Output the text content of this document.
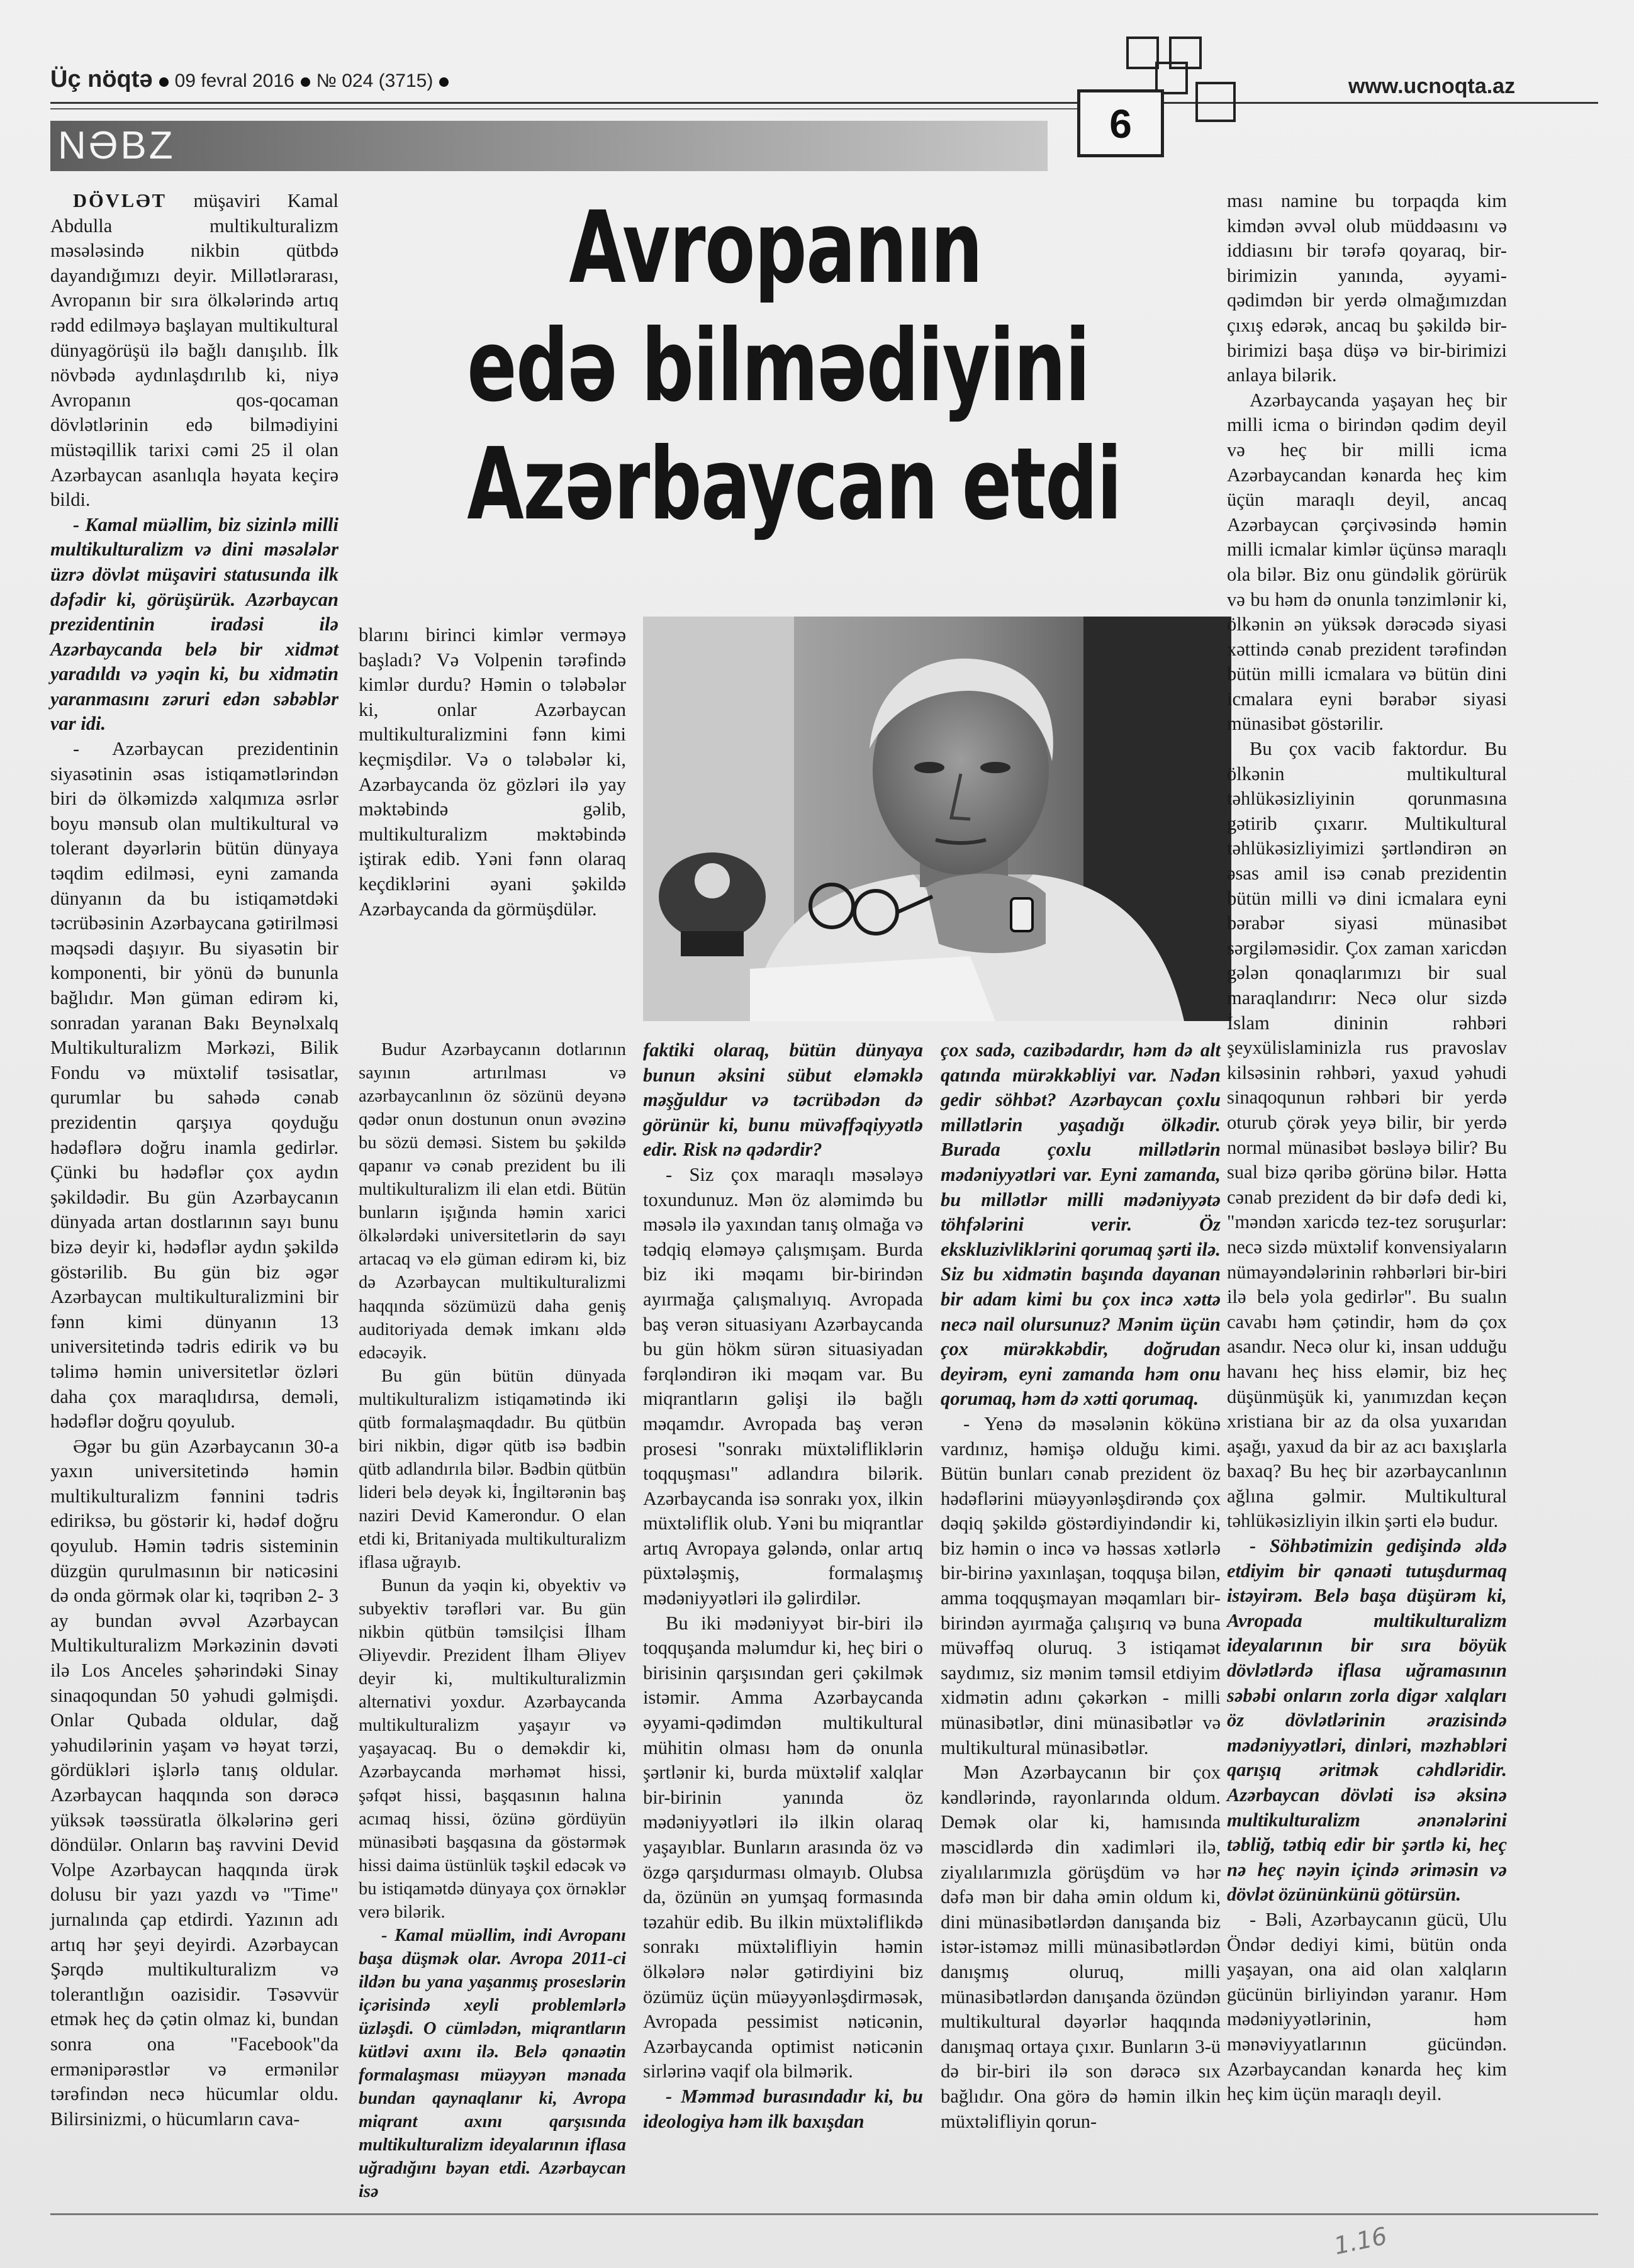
Üç nöqtə 09 fevral 2016 № 024 (3715)	www.ucnoqta.az
6
NƏBZ
Avropanın
edə bilmədiyini
Azərbaycan etdi

DÖVLƏT müşaviri Kamal Abdulla multikulturalizm məsələsində nikbin qütbdə dayandığımızı deyir. Millətlərarası, Avropanın bir sıra ölkələrində artıq rədd edilməyə başlayan multikultural dünyagörüşü ilə bağlı danışılıb. İlk növbədə aydınlaşdırılıb ki, niyə Avropanın qos-qocaman dövlətlərinin edə bilmədiyini müstəqillik tarixi cəmi 25 il olan Azərbaycan asanlıqla həyata keçirə bildi.

- Kamal müəllim, biz sizinlə milli multikulturalizm və dini məsələlər üzrə dövlət müşaviri statusunda ilk dəfədir ki, görüşürük. Azərbaycan prezidentinin iradəsi ilə Azərbaycanda belə bir xidmət yaradıldı və yəqin ki, bu xidmətin yaranmasını zəruri edən səbəblər var idi.

- Azərbaycan prezidentinin siyasətinin əsas istiqamətlərindən biri də ölkəmizdə xalqımıza əsrlər boyu mənsub olan multikultural və tolerant dəyərlərin bütün dünyaya təqdim edilməsi, eyni zamanda dünyanın da bu istiqamətdəki təcrübəsinin Azərbaycana gətirilməsi məqsədi daşıyır. Bu siyasətin bir komponenti, bir yönü də bununla bağlıdır. Mən güman edirəm ki, sonradan yaranan Bakı Beynəlxalq Multikulturalizm Mərkəzi, Bilik Fondu və müxtəlif təsisatlar, qurumlar bu sahədə cənab prezidentin qarşıya qoyduğu hədəflərə doğru inamla gedirlər. Çünki bu hədəflər çox aydın şəkildədir. Bu gün Azərbaycanın dünyada artan dostlarının sayı bunu bizə deyir ki, hədəflər aydın şəkildə göstərilib. Bu gün biz əgər Azərbaycan multikulturalizmini bir fənn kimi dünyanın 13 universitetində tədris edirik və bu təlimə həmin universitetlər özləri daha çox maraqlıdırsa, deməli, hədəflər doğru qoyulub.

Əgər bu gün Azərbaycanın 30-a yaxın universitetində həmin multikulturalizm fənnini tədris ediriksə, bu göstərir ki, hədəf doğru qoyulub. Həmin tədris sisteminin düzgün qurulmasının bir nəticəsini də onda görmək olar ki, təqribən 2- 3 ay bundan əvvəl Azərbaycan Multikulturalizm Mərkəzinin dəvəti ilə Los Anceles şəhərindəki Sinay sinaqoqundan 50 yəhudi gəlmişdi. Onlar Qubada oldular, dağ yəhudilərinin yaşam və həyat tərzi, gördükləri işlərlə tanış oldular. Azərbaycan haqqında son dərəcə yüksək təəssüratla ölkələrinə geri döndülər. Onların baş ravvini Devid Volpe Azərbaycan haqqında ürək dolusu bir yazı yazdı və "Time" jurnalında çap etdirdi. Yazının adı artıq hər şeyi deyirdi. Azərbaycan Şərqdə multikulturalizm və tolerantlığın oazisidir. Təsəvvür etmək heç də çətin olmaz ki, bundan sonra ona "Facebook"da ermənipərəstlər və ermənilər tərəfindən necə hücumlar oldu. Bilirsinizmi, o hücumların cava-

Budur Azərbaycanın dotlarının sayının artırılması və azərbaycanlının öz sözünü deyənə qədər onun dostunun onun əvəzinə bu sözü deməsi. Sistem bu şəkildə qapanır və cənab prezident bu ili multikulturalizm ili elan etdi. Bütün bunların işığında həmin xarici ölkələrdəki universitetlərin də sayı artacaq və elə güman edirəm ki, biz də Azərbaycan multikulturalizmi haqqında sözümüzü daha geniş auditoriyada demək imkanı əldə edəcəyik.

Bu gün bütün dünyada multikulturalizm istiqamətində iki qütb formalaşmaqdadır. Bu qütbün biri nikbin, digər qütb isə bədbin qütb adlandırıla bilər. Bədbin qütbün lideri belə deyək ki, İngiltərənin baş naziri Devid Kamerondur. O elan etdi ki, Britaniyada multikulturalizm iflasa uğrayıb.

Bunun da yəqin ki, obyektiv və subyektiv tərəfləri var. Bu gün nikbin qütbün təmsilçisi İlham Əliyevdir. Prezident İlham Əliyev deyir ki, multikulturalizmin alternativi yoxdur. Azərbaycanda multikulturalizm yaşayır və yaşayacaq. Bu o deməkdir ki, Azərbaycanda mərhəmət hissi, şəfqət hissi, başqasının halına acımaq hissi, özünə gördüyün münasibəti başqasına da göstərmək hissi daima üstünlük təşkil edəcək və bu istiqamətdə dünyaya çox örnəklər verə bilərik.

- Kamal müəllim, indi Avropanı başa düşmək olar. Avropa 2011-ci ildən bu yana yaşanmış proseslərin içərisində xeyli problemlərlə üzləşdi. O cümlədən, miqrantların kütləvi axını ilə. Belə qənaətin formalaşması müəyyən mənada bundan qaynaqlanır ki, Avropa miqrant axını qarşısında multikulturalizm ideyalarının iflasa uğradığını bəyan etdi. Azərbaycan isə

blarını birinci kimlər verməyə başladı? Və Volpenin tərəfində kimlər durdu? Həmin o tələbələr ki, onlar Azərbaycan multikulturalizmini fənn kimi keçmişdilər. Və o tələbələr ki, Azərbaycanda öz gözləri ilə yay məktəbində gəlib, multikulturalizm məktəbində iştirak edib. Yəni fənn olaraq keçdiklərini əyani şəkildə Azərbaycanda da görmüşdülər.

faktiki olaraq, bütün dünyaya bunun əksini sübut eləməklə məşğuldur və təcrübədən də görünür ki, bunu müvəffəqiyyətlə edir. Risk nə qədərdir?

- Siz çox maraqlı məsələyə toxundunuz. Mən öz aləmimdə bu məsələ ilə yaxından tanış olmağa və tədqiq eləməyə çalışmışam. Burda biz iki məqamı bir-birindən ayırmağa çalışmalıyıq. Avropada baş verən situasiyanı Azərbaycanda bu gün hökm sürən situasiyadan fərqləndirən iki məqam var. Bu miqrantların gəlişi ilə bağlı məqamdır. Avropada baş verən prosesi "sonrakı müxtəlifliklərin toqquşması" adlandıra bilərik. Azərbaycanda isə sonrakı yox, ilkin müxtəliflik olub. Yəni bu miqrantlar artıq Avropaya gələndə, onlar artıq püxtələşmiş, formalaşmış mədəniyyətləri ilə gəlirdilər.

Bu iki mədəniyyət bir-biri ilə toqquşanda məlumdur ki, heç biri o birisinin qarşısından geri çəkilmək istəmir. Amma Azərbaycanda əyyami-qədimdən multikultural mühitin olması həm də onunla şərtlənir ki, burda müxtəlif xalqlar bir-birinin yanında öz mədəniyyətləri ilə ilkin olaraq yaşayıblar. Bunların arasında öz və özgə qarşıdurması olmayıb. Olubsa da, özünün ən yumşaq formasında təzahür edib. Bu ilkin müxtəliflikdə sonrakı müxtəlifliyin həmin ölkələrə nələr gətirdiyini biz özümüz üçün müəyyənləşdirməsək, Avropada pessimist nəticənin, Azərbaycanda optimist nəticənin sirlərinə vaqif ola bilmərik.

- Məmməd burasındadır ki, bu ideologiya həm ilk baxışdan

çox sadə, cazibədardır, həm də alt qatında mürəkkəbliyi var. Nədən gedir söhbət? Azərbaycan çoxlu millətlərin yaşadığı ölkədir. Burada çoxlu millətlərin mədəniyyətləri var. Eyni zamanda, bu millətlər milli mədəniyyətə töhfələrini verir. Öz ekskluzivliklərini qorumaq şərti ilə. Siz bu xidmətin başında dayanan bir adam kimi bu çox incə xəttə necə nail olursunuz? Mənim üçün çox mürəkkəbdir, doğrudan deyirəm, eyni zamanda həm onu qorumaq, həm də xətti qorumaq.

- Yenə də məsələnin kökünə vardınız, həmişə olduğu kimi. Bütün bunları cənab prezident öz hədəflərini müəyyənləşdirəndə çox dəqiq şəkildə göstərdiyindəndir ki, biz həmin o incə və həssas xətlərlə bir-birinə yaxınlaşan, toqquşa bilən, amma toqquşmayan məqamları bir-birindən ayırmağa çalışırıq və buna müvəffəq oluruq. 3 istiqamət saydımız, siz mənim təmsil etdiyim xidmətin adını çəkərkən - milli münasibətlər, dini münasibətlər və multikultural münasibətlər.

Mən Azərbaycanın bir çox kəndlərində, rayonlarında oldum. Demək olar ki, hamısında məscidlərdə din xadimləri ilə, ziyalılarımızla görüşdüm və hər dəfə mən bir daha əmin oldum ki, dini münasibətlərdən danışanda biz istər-istəməz milli münasibətlərdən danışmış oluruq, milli münasibətlərdən danışanda özündən multikultural dəyərlər haqqında danışmaq ortaya çıxır. Bunların 3-ü də bir-biri ilə son dərəcə sıx bağlıdır. Ona görə də həmin ilkin müxtəlifliyin qorun-

ması namine bu torpaqda kim kimdən əvvəl olub müddəasını və iddiasını bir tərəfə qoyaraq, bir-birimizin yanında, əyyami-qədimdən bir yerdə olmağımızdan çıxış edərək, ancaq bu şəkildə bir-birimizi başa düşə və bir-birimizi anlaya bilərik.

Azərbaycanda yaşayan heç bir milli icma o birindən qədim deyil və heç bir milli icma Azərbaycandan kənarda heç kim üçün maraqlı deyil, ancaq Azərbaycan çərçivəsində həmin milli icmalar kimlər üçünsə maraqlı ola bilər. Biz onu gündəlik görürük və bu həm də onunla tənzimlənir ki, ölkənin ən yüksək dərəcədə siyasi xəttində cənab prezident tərəfindən bütün milli icmalara və bütün dini icmalara eyni bərabər siyasi münasibət göstərilir.

Bu çox vacib faktordur. Bu ölkənin multikultural təhlükəsizliyinin qorunmasına gətirib çıxarır. Multikultural təhlükəsizliyimizi şərtləndirən ən əsas amil isə cənab prezidentin bütün milli və dini icmalara eyni bərabər siyasi münasibət sərgiləməsidir. Çox zaman xaricdən gələn qonaqlarımızı bir sual maraqlandırır: Necə olur sizdə İslam dininin rəhbəri şeyxülislaminizla rus pravoslav kilsəsinin rəhbəri, yaxud yəhudi sinaqoqunun rəhbəri bir yerdə oturub çörək yeyə bilir, bir yerdə normal münasibət bəsləyə bilir? Bu sual bizə qəribə görünə bilər. Hətta cənab prezident də bir dəfə dedi ki, "məndən xaricdə tez-tez soruşurlar: necə sizdə müxtəlif konvensiyaların nümayəndələrinin rəhbərləri bir-biri ilə belə yola gedirlər". Bu sualın cavabı həm çətindir, həm də çox asandır. Necə olur ki, insan udduğu havanı heç hiss eləmir, biz heç düşünmüşük ki, yanımızdan keçən xristiana bir az da olsa yuxarıdan aşağı, yaxud da bir az acı baxışlarla baxaq? Bu heç bir azərbaycanlının ağlına gəlmir. Multikultural təhlükəsizliyin ilkin şərti elə budur.

- Söhbətimizin gedişində əldə etdiyim bir qənaəti tutuşdurmaq istəyirəm. Belə başa düşürəm ki, Avropada multikulturalizm ideyalarının bir sıra böyük dövlətlərdə iflasa uğramasının səbəbi onların zorla digər xalqları öz dövlətlərinin ərazisində mədəniyyətləri, dinləri, məzhəbləri qarışıq əritmək cəhdləridir. Azərbaycan dövləti isə əksinə multikulturalizm ənənələrini təbliğ, tətbiq edir bir şərtlə ki, heç nə heç nəyin içində əriməsin və dövlət özününkünü götürsün.

- Bəli, Azərbaycanın gücü, Ulu Öndər dediyi kimi, bütün onda yaşayan, ona aid olan xalqların gücünün birliyindən yaranır. Həm mədəniyyətlərinin, həm mənəviyyatlarının gücündən. Azərbaycandan kənarda heç kim heç kim üçün maraqlı deyil.

1.16
